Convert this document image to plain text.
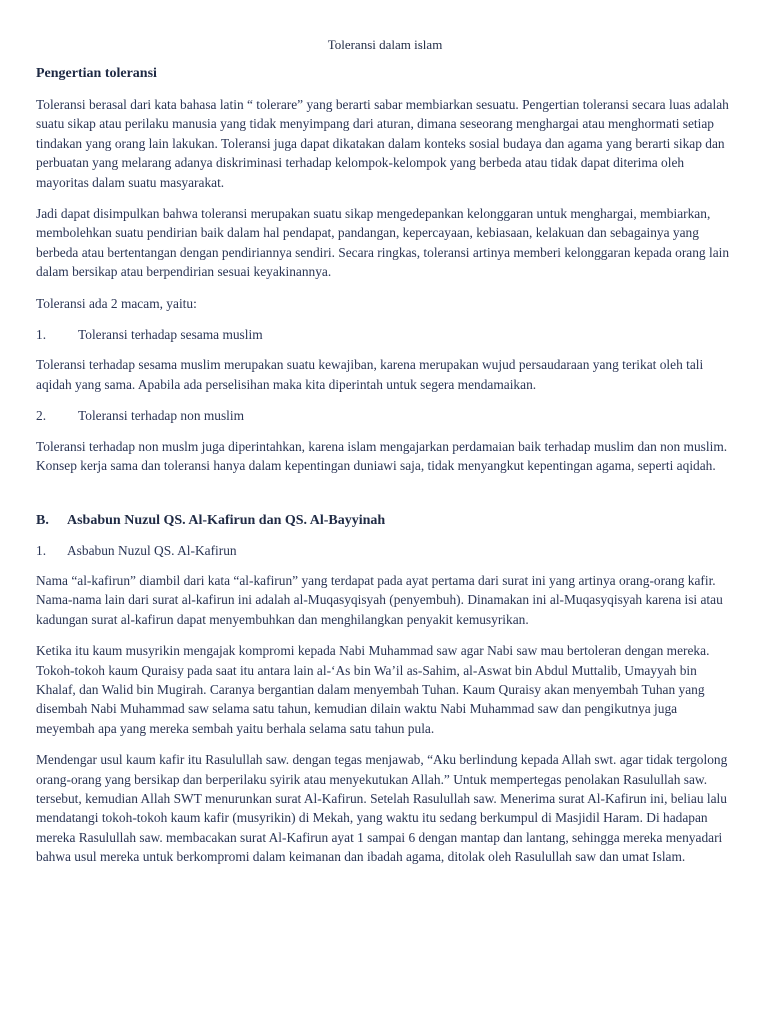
Toleransi dalam islam
Pengertian toleransi

Toleransi berasal dari kata bahasa latin “ tolerare” yang berarti sabar membiarkan sesuatu. Pengertian toleransi secara luas adalah suatu sikap atau perilaku manusia yang tidak menyimpang dari aturan, dimana seseorang menghargai atau menghormati setiap tindakan yang orang lain lakukan. Toleransi juga dapat dikatakan dalam konteks sosial budaya dan agama yang berarti sikap dan perbuatan yang melarang adanya diskriminasi terhadap kelompok-kelompok yang berbeda atau tidak dapat diterima oleh mayoritas dalam suatu masyarakat.

Jadi dapat disimpulkan bahwa toleransi merupakan suatu sikap mengedepankan kelonggaran untuk menghargai, membiarkan, membolehkan suatu pendirian baik dalam hal pendapat, pandangan, kepercayaan, kebiasaan, kelakuan dan sebagainya yang berbeda atau bertentangan dengan pendiriannya sendiri. Secara ringkas, toleransi artinya memberi kelonggaran kepada orang lain dalam bersikap atau berpendirian sesuai keyakinannya.

Toleransi ada 2 macam, yaitu:

1.	Toleransi terhadap sesama muslim

Toleransi terhadap sesama muslim merupakan suatu kewajiban, karena merupakan wujud persaudaraan yang terikat oleh tali aqidah yang sama. Apabila ada perselisihan maka kita diperintah untuk segera mendamaikan.

2.	Toleransi terhadap non muslim

Toleransi terhadap non muslm juga diperintahkan, karena islam mengajarkan perdamaian baik terhadap muslim dan non muslim. Konsep kerja sama dan toleransi hanya dalam kepentingan duniawi saja, tidak menyangkut kepentingan agama, seperti aqidah.

B.	Asbabun Nuzul QS. Al-Kafirun dan QS. Al-Bayyinah
1.	Asbabun Nuzul QS. Al-Kafirun

Nama “al-kafirun” diambil dari kata “al-kafirun” yang terdapat pada ayat pertama dari surat ini yang artinya orang-orang kafir. Nama-nama lain dari surat al-kafirun ini adalah al-Muqasyqisyah (penyembuh). Dinamakan ini al-Muqasyqisyah karena isi atau kadungan surat al-kafirun dapat menyembuhkan dan menghilangkan penyakit kemusyrikan.

Ketika itu kaum musyrikin mengajak kompromi kepada Nabi Muhammad saw agar Nabi saw mau bertoleran dengan mereka. Tokoh-tokoh kaum Quraisy pada saat itu antara lain al-‘As bin Wa’il as-Sahim, al-Aswat bin Abdul Muttalib, Umayyah bin Khalaf, dan Walid bin Mugirah. Caranya bergantian dalam menyembah Tuhan. Kaum Quraisy akan menyembah Tuhan yang disembah Nabi Muhammad saw selama satu tahun, kemudian dilain waktu Nabi Muhammad saw dan pengikutnya juga meyembah apa yang mereka sembah yaitu berhala selama satu tahun pula.

Mendengar usul kaum kafir itu Rasulullah saw. dengan tegas menjawab, “Aku berlindung kepada Allah swt. agar tidak tergolong orang-orang yang bersikap dan berperilaku syirik atau menyekutukan Allah.” Untuk mempertegas penolakan Rasulullah saw. tersebut, kemudian Allah SWT menurunkan surat Al-Kafirun. Setelah Rasulullah saw. Menerima surat Al-Kafirun ini, beliau lalu mendatangi tokoh-tokoh kaum kafir (musyrikin) di Mekah, yang waktu itu sedang berkumpul di Masjidil Haram. Di hadapan mereka Rasulullah saw. membacakan surat Al-Kafirun ayat 1 sampai 6 dengan mantap dan lantang, sehingga mereka menyadari bahwa usul mereka untuk berkompromi dalam keimanan dan ibadah agama, ditolak oleh Rasulullah saw dan umat Islam.
